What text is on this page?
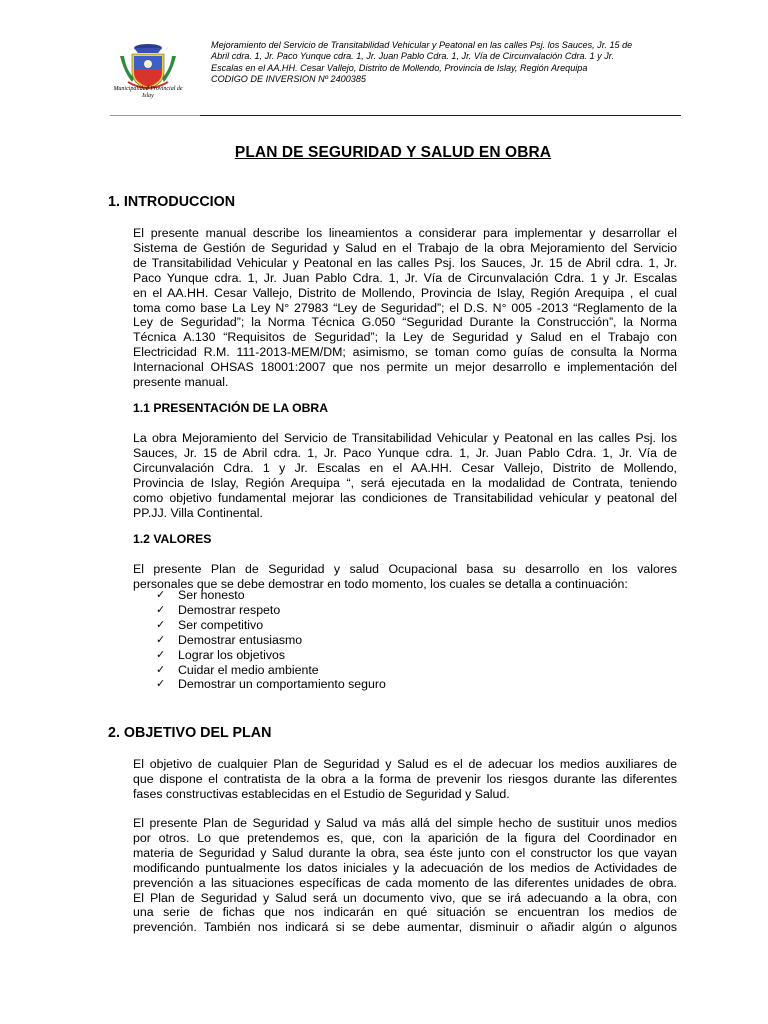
Municipalidad Provincial de Islay
Mejoramiento del Servicio de Transitabilidad Vehicular y Peatonal en las calles Psj. los Sauces, Jr. 15 de
Abril cdra. 1, Jr. Paco Yunque cdra. 1, Jr. Juan Pablo Cdra. 1, Jr. Vía de Circunvalación Cdra. 1 y Jr.
Escalas en el AA.HH. Cesar Vallejo, Distrito de Mollendo, Provincia de Islay, Región Arequipa
CODIGO DE INVERSION Nº 2400385
PLAN DE SEGURIDAD Y SALUD EN OBRA
1. INTRODUCCION
El presente manual describe los lineamientos a considerar para implementar y desarrollar el
Sistema de Gestión de Seguridad y Salud en el Trabajo de la obra Mejoramiento del Servicio
de Transitabilidad Vehicular y Peatonal en las calles Psj. los Sauces, Jr. 15 de Abril cdra. 1, Jr.
Paco Yunque cdra. 1, Jr. Juan Pablo Cdra. 1, Jr. Vía de Circunvalación Cdra. 1 y Jr. Escalas
en el AA.HH. Cesar Vallejo, Distrito de Mollendo, Provincia de Islay, Región Arequipa , el cual
toma como base La Ley N° 27983 “Ley de Seguridad”; el D.S. N° 005 -2013 “Reglamento de la
Ley de Seguridad”; la Norma Técnica G.050 “Seguridad Durante la Construcción”, la Norma
Técnica A.130 “Requisitos de Seguridad”; la Ley de Seguridad y Salud en el Trabajo con
Electricidad R.M. 111-2013-MEM/DM; asimismo, se toman como guías de consulta la Norma
Internacional OHSAS 18001:2007 que nos permite un mejor desarrollo e implementación del
presente manual.
1.1 PRESENTACIÓN DE LA OBRA
La obra Mejoramiento del Servicio de Transitabilidad Vehicular y Peatonal en las calles Psj. los
Sauces, Jr. 15 de Abril cdra. 1, Jr. Paco Yunque cdra. 1, Jr. Juan Pablo Cdra. 1, Jr. Vía de
Circunvalación Cdra. 1 y Jr. Escalas en el AA.HH. Cesar Vallejo, Distrito de Mollendo,
Provincia de Islay, Región Arequipa “, será ejecutada en la modalidad de Contrata, teniendo
como objetivo fundamental mejorar las condiciones de Transitabilidad vehicular y peatonal del
PP.JJ. Villa Continental.
1.2 VALORES
El presente Plan de Seguridad y salud Ocupacional basa su desarrollo en los valores
personales que se debe demostrar en todo momento, los cuales se detalla a continuación:
✓	Ser honesto
✓	Demostrar respeto
✓	Ser competitivo
✓	Demostrar entusiasmo
✓	Lograr los objetivos
✓	Cuidar el medio ambiente
✓	Demostrar un comportamiento seguro
2. OBJETIVO DEL PLAN
El objetivo de cualquier Plan de Seguridad y Salud es el de adecuar los medios auxiliares de
que dispone el contratista de la obra a la forma de prevenir los riesgos durante las diferentes
fases constructivas establecidas en el Estudio de Seguridad y Salud.
El presente Plan de Seguridad y Salud va más allá del simple hecho de sustituir unos medios
por otros. Lo que pretendemos es, que, con la aparición de la figura del Coordinador en
materia de Seguridad y Salud durante la obra, sea éste junto con el constructor los que vayan
modificando puntualmente los datos iniciales y la adecuación de los medios de Actividades de
prevención a las situaciones específicas de cada momento de las diferentes unidades de obra.
El Plan de Seguridad y Salud será un documento vivo, que se irá adecuando a la obra, con
una serie de fichas que nos indicarán en qué situación se encuentran los medios de
prevención. También nos indicará si se debe aumentar, disminuir o añadir algún o algunos
